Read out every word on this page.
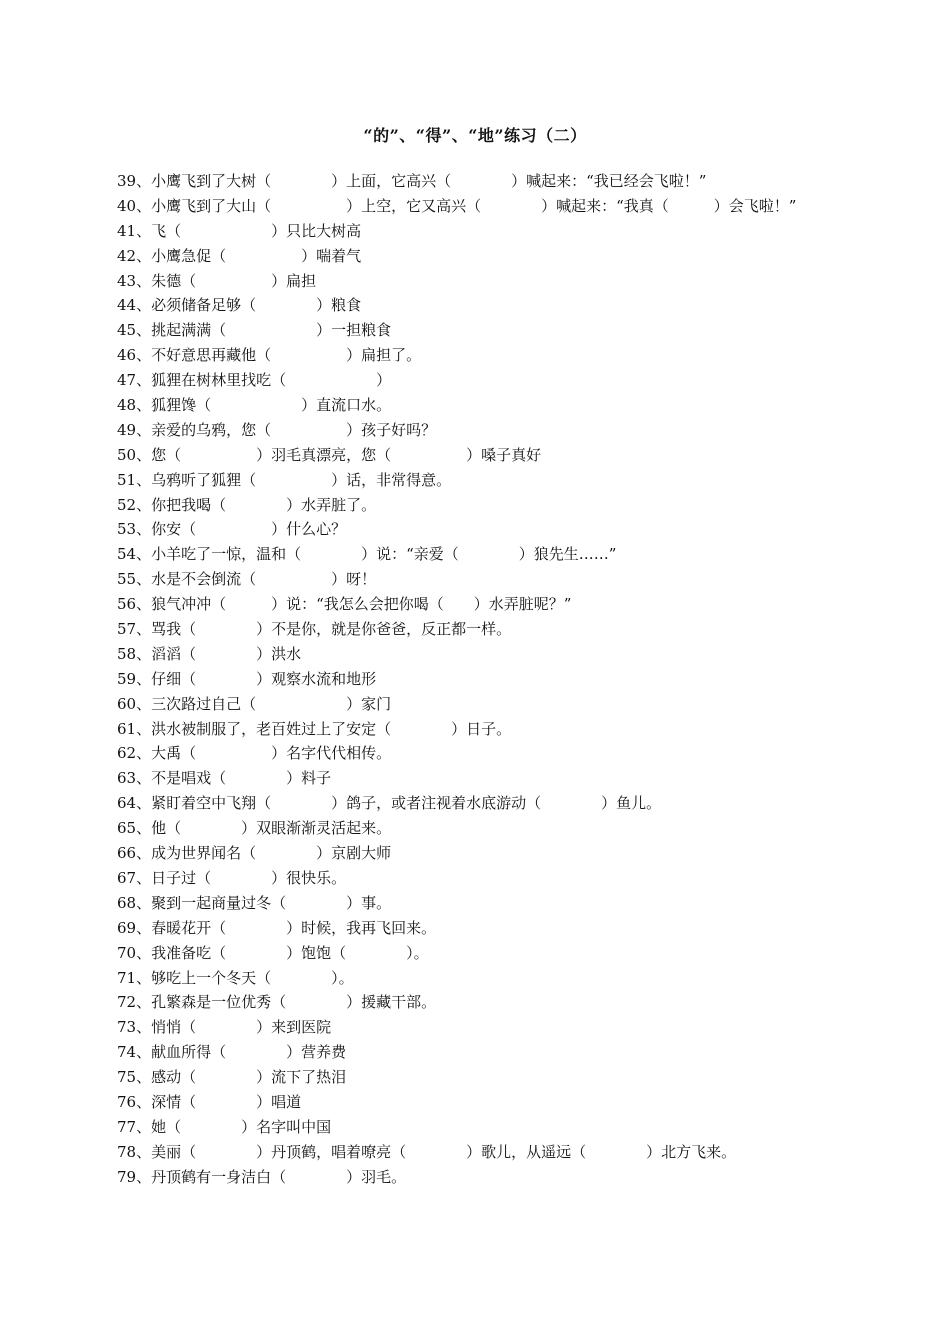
“的”、“得”、“地”练习（二）
39、小鹰飞到了大树（　　　　）上面，它高兴（　　　　）喊起来：“我已经会飞啦！”
40、小鹰飞到了大山（　　　　　）上空，它又高兴（　　　　）喊起来：“我真（　　　）会飞啦！”
41、飞（　　　　　　）只比大树高
42、小鹰急促（　　　　　）喘着气
43、朱德（　　　　　）扁担
44、必须储备足够（　　　　）粮食
45、挑起满满（　　　　　　）一担粮食
46、不好意思再藏他（　　　　　）扁担了。
47、狐狸在树林里找吃（　　　　　　）
48、狐狸馋（　　　　　　）直流口水。
49、亲爱的乌鸦，您（　　　　　）孩子好吗？
50、您（　　　　　）羽毛真漂亮，您（　　　　　）嗓子真好
51、乌鸦听了狐狸（　　　　　）话，非常得意。
52、你把我喝（　　　　）水弄脏了。
53、你安（　　　　　）什么心？
54、小羊吃了一惊，温和（　　　　）说：“亲爱（　　　　）狼先生……”
55、水是不会倒流（　　　　　）呀！
56、狼气冲冲（　　　）说：“我怎么会把你喝（　　）水弄脏呢？”
57、骂我（　　　　）不是你，就是你爸爸，反正都一样。
58、滔滔（　　　　）洪水
59、仔细（　　　　）观察水流和地形
60、三次路过自己（　　　　　　）家门
61、洪水被制服了，老百姓过上了安定（　　　　）日子。
62、大禹（　　　　　）名字代代相传。
63、不是唱戏（　　　　）料子
64、紧盯着空中飞翔（　　　　）鸽子，或者注视着水底游动（　　　　）鱼儿。
65、他（　　　　）双眼渐渐灵活起来。
66、成为世界闻名（　　　　）京剧大师
67、日子过（　　　　）很快乐。
68、聚到一起商量过冬（　　　　）事。
69、春暖花开（　　　　）时候，我再飞回来。
70、我准备吃（　　　　）饱饱（　　　　）。
71、够吃上一个冬天（　　　　）。
72、孔繁森是一位优秀（　　　　）援藏干部。
73、悄悄（　　　　）来到医院
74、献血所得（　　　　）营养费
75、感动（　　　　）流下了热泪
76、深情（　　　　）唱道
77、她（　　　　）名字叫中国
78、美丽（　　　　）丹顶鹤，唱着嘹亮（　　　　）歌儿，从遥远（　　　　）北方飞来。
79、丹顶鹤有一身洁白（　　　　）羽毛。
